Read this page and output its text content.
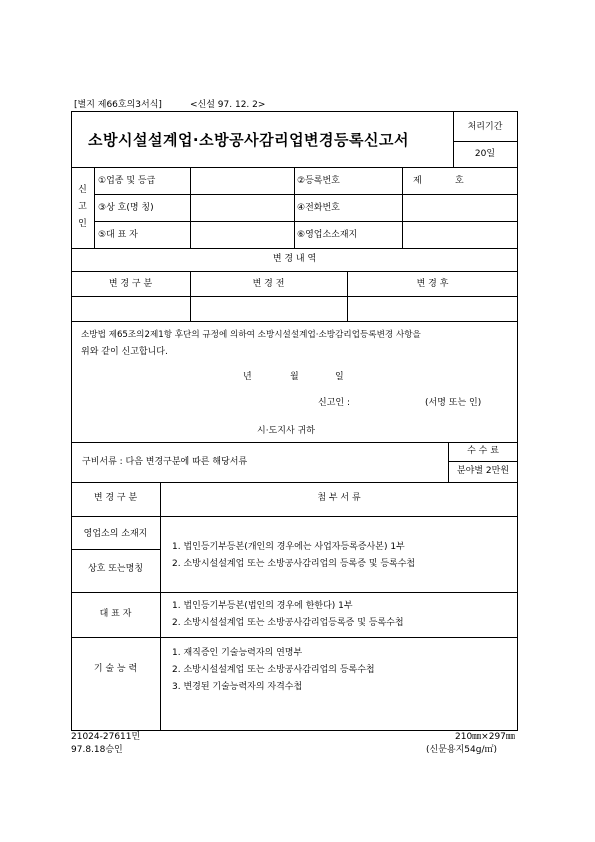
[별지 제66호의3서식]	<신설 97. 12. 2>
소방시설설계업·소방공사감리업변경등록신고서
처리기간
20일
신
고
인
①업종 및 등급	②등록번호	제	호
③상 호(명 칭)	④전화번호
⑤대 표 자	⑥영업소소재지
변 경 내 역
변 경 구 분	변 경 전	변 경 후
소방법 제65조의2제1항 후단의 규정에 의하여 소방시설설계업·소방감리업등록변경 사항을
위와 같이 신고합니다.
년	월	일
신고인 :	(서명 또는 인)
시·도지사 귀하
구비서류 : 다음 변경구분에 따른 해당서류
수 수 료
분야별 2만원
변 경 구 분	첨 부 서 류
영업소의 소재지
상호 또는명칭
1. 법인등기부등본(개인의 경우에는 사업자등록증사본) 1부
2. 소방시설설계업 또는 소방공사감리업의 등록증 및 등록수첩
대 표 자
1. 법인등기부등본(법인의 경우에 한한다) 1부
2. 소방시설설계업 또는 소방공사감리업등록증 및 등록수첩
기 술 능 력
1. 재직증인 기술능력자의 연명부
2. 소방시설설계업 또는 소방공사감리업의 등록수첩
3. 변경된 기술능력자의 자격수첩
21024-27611민
97.8.18승인
210㎜×297㎜
(신문용지54g/㎡)
